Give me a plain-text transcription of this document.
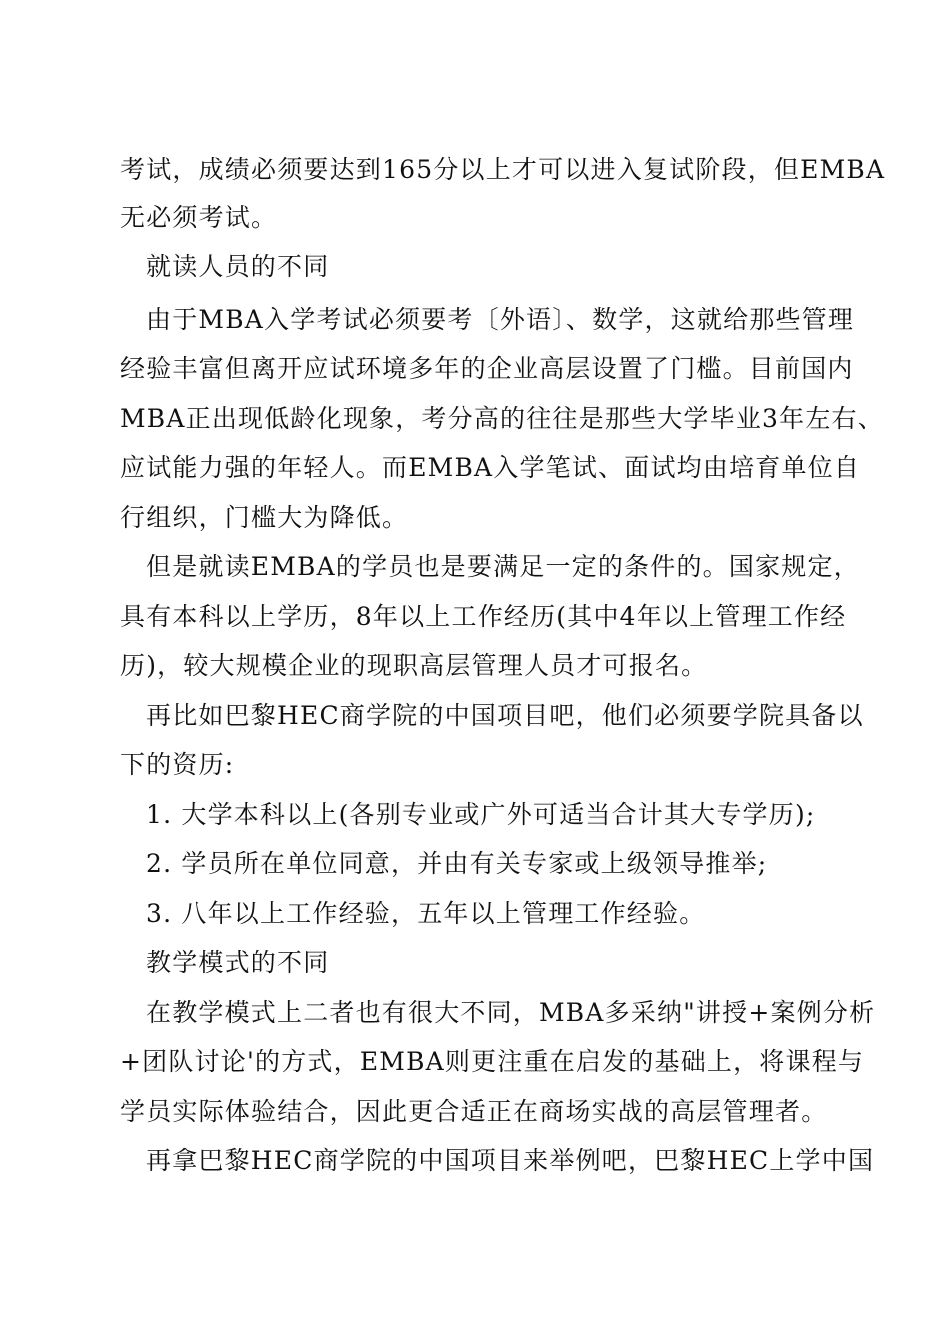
考试，成绩必须要达到165分以上才可以进入复试阶段，但EMBA
无必须考试。
就读人员的不同
由于MBA入学考试必须要考〔外语〕、数学，这就给那些管理
经验丰富但离开应试环境多年的企业高层设置了门槛。目前国内
MBA正出现低龄化现象，考分高的往往是那些大学毕业3年左右、
应试能力强的年轻人。而EMBA入学笔试、面试均由培育单位自
行组织，门槛大为降低。
但是就读EMBA的学员也是要满足一定的条件的。国家规定，
具有本科以上学历，8年以上工作经历(其中4年以上管理工作经
历)，较大规模企业的现职高层管理人员才可报名。
再比如巴黎HEC商学院的中国项目吧，他们必须要学院具备以
下的资历:
1. 大学本科以上(各别专业或广外可适当合计其大专学历);
2. 学员所在单位同意，并由有关专家或上级领导推举;
3. 八年以上工作经验，五年以上管理工作经验。
教学模式的不同
在教学模式上二者也有很大不同，MBA多采纳"讲授+案例分析
+团队讨论'的方式，EMBA则更注重在启发的基础上，将课程与
学员实际体验结合，因此更合适正在商场实战的高层管理者。
再拿巴黎HEC商学院的中国项目来举例吧，巴黎HEC上学中国
